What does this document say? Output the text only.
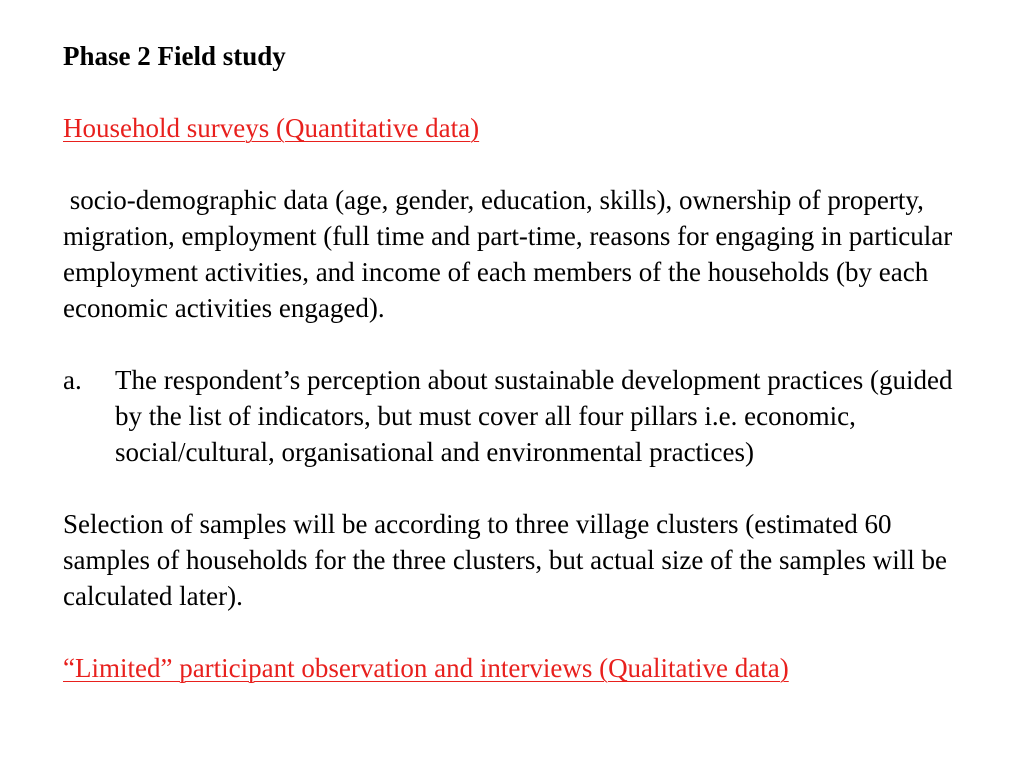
Phase 2 Field study
Household surveys (Quantitative data)

socio-demographic data (age, gender, education, skills), ownership of property, migration, employment (full time and part-time, reasons for engaging in particular employment activities, and income of each members of the households (by each economic activities engaged).

a.	The respondent’s perception about sustainable development practices (guided by the list of indicators, but must cover all four pillars i.e. economic, social/cultural, organisational and environmental practices)

Selection of samples will be according to three village clusters (estimated 60 samples of households for the three clusters, but actual size of the samples will be calculated later).

“Limited” participant observation and interviews (Qualitative data)
